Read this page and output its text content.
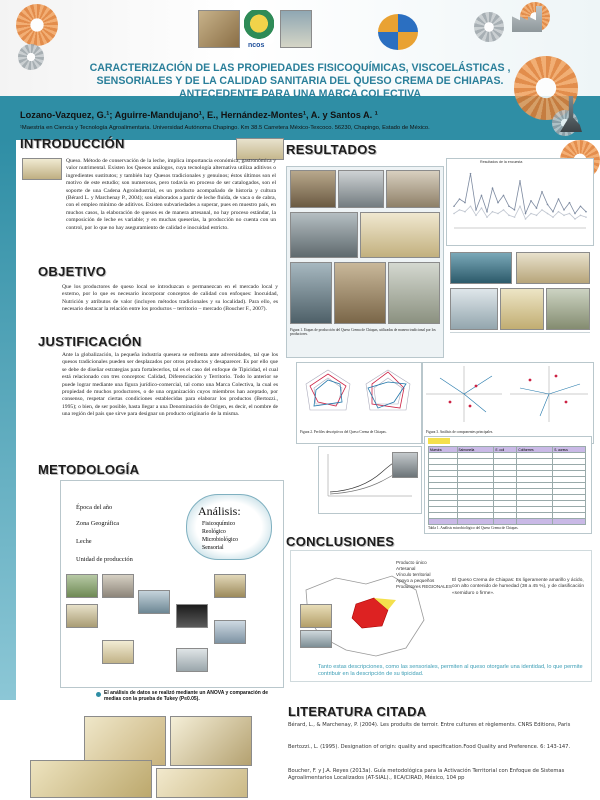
ncos
CARACTERIZACIÓN DE LAS PROPIEDADES FISICOQUÍMICAS, VISCOELÁSTICAS , SENSORIALES Y DE LA CALIDAD SANITARIA DEL QUESO CREMA DE CHIAPAS. ANTECEDENTE PARA UNA MARCA COLECTIVA
Lozano-Vazquez, G.¹; Aguirre-Mandujano¹, E., Hernández-Montes¹, A. y Santos A. ¹
¹Maestría en Ciencia y Tecnología Agroalimentaria. Universidad Autónoma Chapingo. Km 38.5 Carretera México-Texcoco. 56230, Chapingo, Estado de México.
INTRODUCCIÓN
Queso. Método de conservación de la leche, implica importancia económica, gastronómica y valor nutrimental. Existen los Quesos análogos, cuya tecnología alternativa utiliza aditivos o ingredientes sustitutos; y también hay Quesos tradicionales y genuinos; éstos últimos son el motivo de este estudio; son numerosos, pero todavía en proceso de ser catalogados, son el soporte de una Cadena Agroindustrial, es un producto acompañado de historia y cultura (Bérard L. y Marchenay P., 2004); son elaborados a partir de leche fluida, de vaca o de cabra, con el empleo mínimo de aditivos. Existen subvariedades a superar, pues en muestro país, en muchos casos, la elaboración de quesos es de manera artesanal, no hay proceso estándar, la composición de leche es variable; y en muchas queserías, la producción no cuenta con un control, por lo que no hay aseguramiento de calidad e inocuidad estricto.
OBJETIVO
Que los productores de queso local se introduzcan o permanezcan en el mercado local y externo, por lo que es necesario incorporar conceptos de calidad con enfoques: Inocuidad, Nutrición y atributos de valor (incluyen métodos tradicionales y su localidad). Para ello, es necesario destacar la relación entre los productos – territorio – mercado (Boucher F., 2007).
JUSTIFICACIÓN
Ante la globalización, la pequeña industria quesera se enfrenta ante adversidades, tal que los quesos tradicionales pueden ser desplazados por otros productos y desaparecer. Es por ello que se debe de diseñar estrategias para fortalecerlos, tal es el caso del enfoque de Tipicidad, el cual está relacionado con tres conceptos: Calidad, Diferenciación y Territorio. Todo lo anterior se puede lograr mediante una figura jurídico-comercial, tal como una Marca Colectiva, la cual es propiedad de muchos productores, o de una organización cuyos miembros han aceptado, por consenso, respetar ciertas condiciones establecidas para elaborar los productos (Bertozzi., 1995); o bien, de ser posible, hasta llegar a una Denominación de Origen, es decir, el nombre de una región del país que sirve para designar un producto originario de la misma.
METODOLOGÍA
Época del año
Zona Geográfica
Leche
Unidad de producción
Análisis:
Fisicoquímico
Reológico
Microbiológico
Sensorial
El análisis de datos se realizó mediante un ANOVA y comparación de medias con la prueba de Tukey (P≤0.05).
RESULTADOS
Resultados de la encuesta
Figura 1. Etapas de producción del Queso Crema de Chiapas, utilizadas de manera tradicional por los productores.
Figura 2. Perfiles descriptivos del Queso Crema de Chiapas.	Figura 3. Análisis de componentes principales.
Muestra	Salmonella	E. coli	Coliformes	S. aureus

Tabla 1. Análisis microbiológico del Queso Crema de Chiapas.
CONCLUSIONES
Producto único
Artesanal
Vínculo territorial
Apoyo a pequeños
Productores REGIONALES
El Queso Crema de Chiapas: Es ligeramente amarillo y ácido, con alto contenido de humedad (38 a 45 %), y de clasificación «semiduro o firme».
Tanto estas descripciones, como las sensoriales, permiten al queso otorgarle una identidad, lo que permite contribuir en la descripción de su tipicidad.
LITERATURA CITADA
Bérard, L., & Marchenay, P. (2004). Les produits de terroir. Entre cultures et règlements. CNRS Editions, Paris
Bertozzi., L. (1995). Designation of origin: quality and specification.Food Quality and Preference. 6: 143-147.
Boucher, F. y J.A. Reyes (2013a). Guía metodológica para la Activación Territorial con Enfoque de Sistemas Agroalimentarios Localizados (AT-SIAL)., IICA/CIRAD, México, 104 pp
